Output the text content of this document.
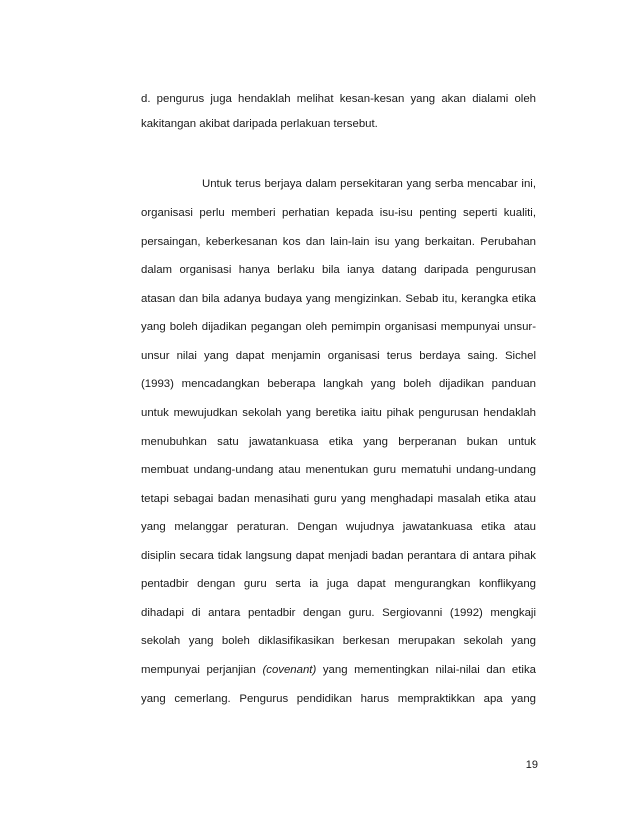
d. pengurus juga hendaklah melihat kesan-kesan yang akan dialami oleh
kakitangan akibat daripada perlakuan tersebut.
Untuk terus berjaya dalam persekitaran yang serba mencabar ini,
organisasi perlu memberi perhatian kepada isu-isu penting seperti kualiti,
persaingan, keberkesanan kos dan lain-lain isu yang berkaitan. Perubahan
dalam organisasi hanya berlaku bila ianya datang daripada pengurusan
atasan dan bila adanya budaya yang mengizinkan. Sebab itu, kerangka etika
yang boleh dijadikan pegangan oleh pemimpin organisasi mempunyai unsur-
unsur nilai yang dapat menjamin organisasi terus berdaya saing. Sichel
(1993) mencadangkan beberapa langkah yang boleh dijadikan panduan
untuk mewujudkan sekolah yang beretika iaitu pihak pengurusan hendaklah
menubuhkan satu jawatankuasa etika yang berperanan bukan untuk
membuat undang-undang atau menentukan guru mematuhi undang-undang
tetapi sebagai badan menasihati guru yang menghadapi masalah etika atau
yang melanggar peraturan. Dengan wujudnya jawatankuasa etika atau
disiplin secara tidak langsung dapat menjadi badan perantara di antara pihak
pentadbir dengan guru serta ia juga dapat mengurangkan konflikyang
dihadapi di antara pentadbir dengan guru. Sergiovanni (1992) mengkaji
sekolah yang boleh diklasifikasikan berkesan merupakan sekolah yang
mempunyai perjanjian (covenant) yang mementingkan nilai-nilai dan etika
yang cemerlang. Pengurus pendidikan harus mempraktikkan apa yang
19
